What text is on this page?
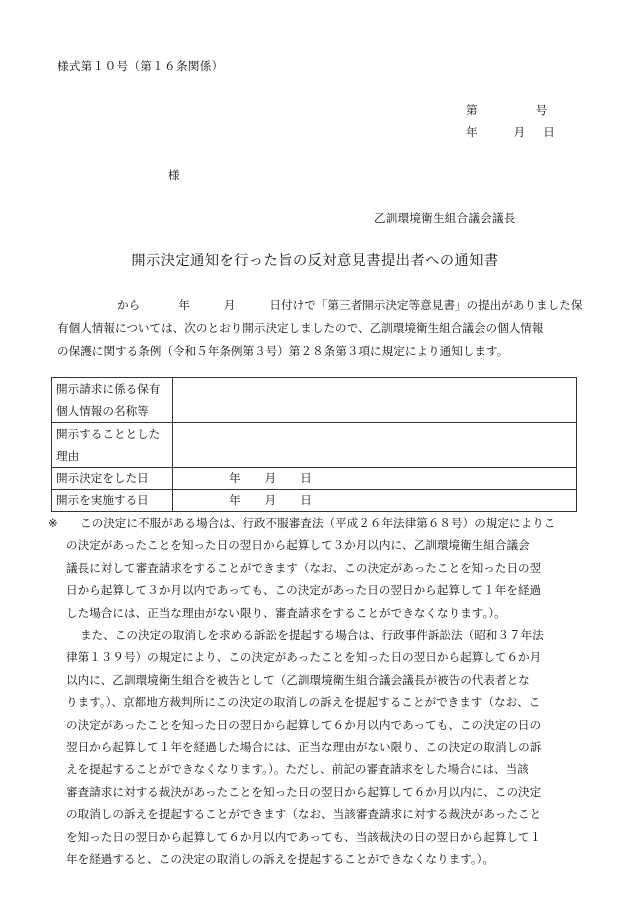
様式第１０号（第１６条関係）
第	号
年	月 日
様
乙訓環境衛生組合議会議長
開示決定通知を行った旨の反対意見書提出者への通知書
から	年	月	日付けで「第三者開示決定等意見書」の提出がありました保
有個人情報については、次のとおり開示決定しましたので、乙訓環境衛生組合議会の個人情報
の保護に関する条例（令和５年条例第３号）第２８条第３項に規定により通知します。
開示請求に係る保有
個人情報の名称等	

開示することとした
理由	

開示決定をした日	年 月 日
開示を実施する日	年 月 日
※	この決定に不服がある場合は、行政不服審査法（平成２６年法律第６８号）の規定によりこ
の決定があったことを知った日の翌日から起算して３か月以内に、乙訓環境衛生組合議会
議長に対して審査請求をすることができます（なお、この決定があったことを知った日の翌
日から起算して３か月以内であっても、この決定があった日の翌日から起算して１年を経過
した場合には、正当な理由がない限り、審査請求をすることができなくなります。）。
また、この決定の取消しを求める訴訟を提起する場合は、行政事件訴訟法（昭和３７年法
律第１３９号）の規定により、この決定があったことを知った日の翌日から起算して６か月
以内に、乙訓環境衛生組合を被告として（乙訓環境衛生組合議会議長が被告の代表者とな
ります。）、京都地方裁判所にこの決定の取消しの訴えを提起することができます（なお、こ
の決定があったことを知った日の翌日から起算して６か月以内であっても、この決定の日の
翌日から起算して１年を経過した場合には、正当な理由がない限り、この決定の取消しの訴
えを提起することができなくなります。）。ただし、前記の審査請求をした場合には、当該
審査請求に対する裁決があったことを知った日の翌日から起算して６か月以内に、この決定
の取消しの訴えを提起することができます（なお、当該審査請求に対する裁決があったこと
を知った日の翌日から起算して６か月以内であっても、当該裁決の日の翌日から起算して１
年を経過すると、この決定の取消しの訴えを提起することができなくなります。）。
